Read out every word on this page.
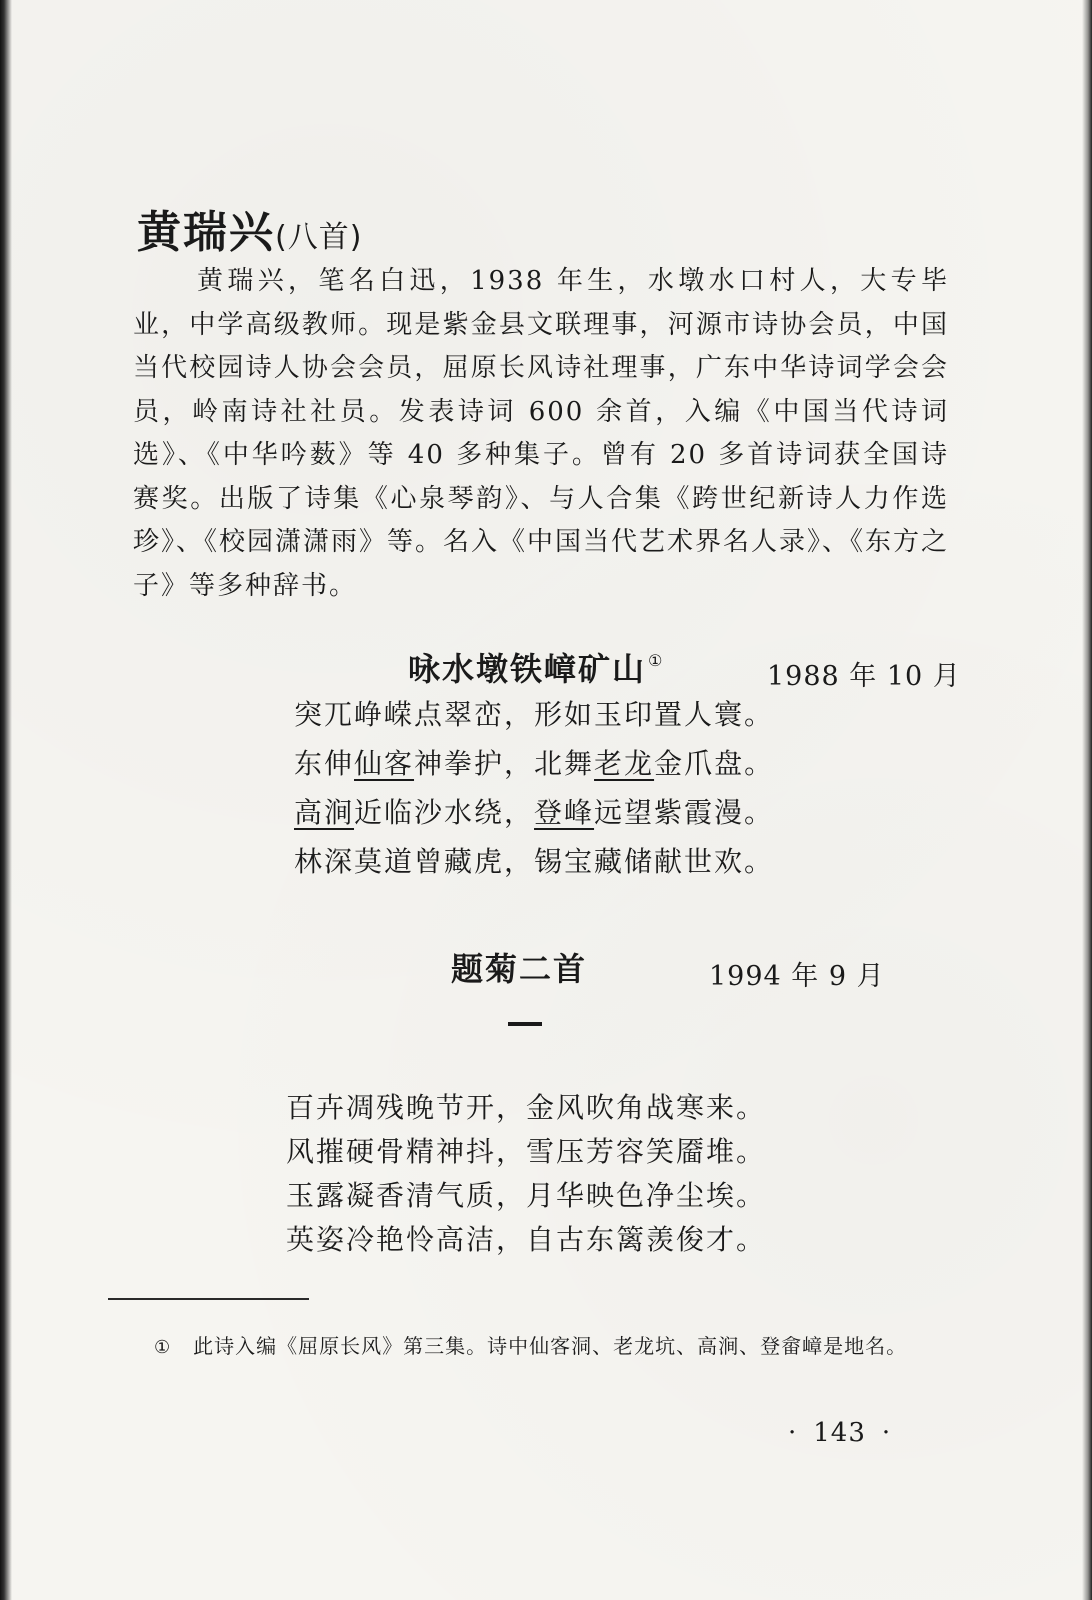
黄瑞兴(八首)

黄瑞兴，笔名白迅，1938 年生，水墩水口村人，大专毕业，中学高级教师。现是紫金县文联理事，河源市诗协会员，中国当代校园诗人协会会员，屈原长风诗社理事，广东中华诗词学会会员，岭南诗社社员。发表诗词 600 余首，入编《中国当代诗词选》、《中华吟薮》等 40 多种集子。曾有 20 多首诗词获全国诗赛奖。出版了诗集《心泉琴韵》、与人合集《跨世纪新诗人力作选珍》、《校园潇潇雨》等。名入《中国当代艺术界名人录》、《东方之子》等多种辞书。

咏水墩铁嶂矿山 ①
1988 年 10 月
突兀峥嵘点翠峦，形如玉印置人寰。
东伸仙客神拳护，北舞老龙金爪盘。
高涧近临沙水绕，登峰远望紫霞漫。
林深莫道曾藏虎，锡宝藏储献世欢。
题菊二首	1994 年 9 月
百卉凋残晚节开，金风吹角战寒来。
风摧硬骨精神抖，雪压芳容笑靥堆。
玉露凝香清气质，月华映色净尘埃。
英姿冷艳怜高洁，自古东篱羡俊才。

① 此诗入编《屈原长风》第三集。诗中仙客洞、老龙坑、高涧、登畲嶂是地名。

· 143 ·
